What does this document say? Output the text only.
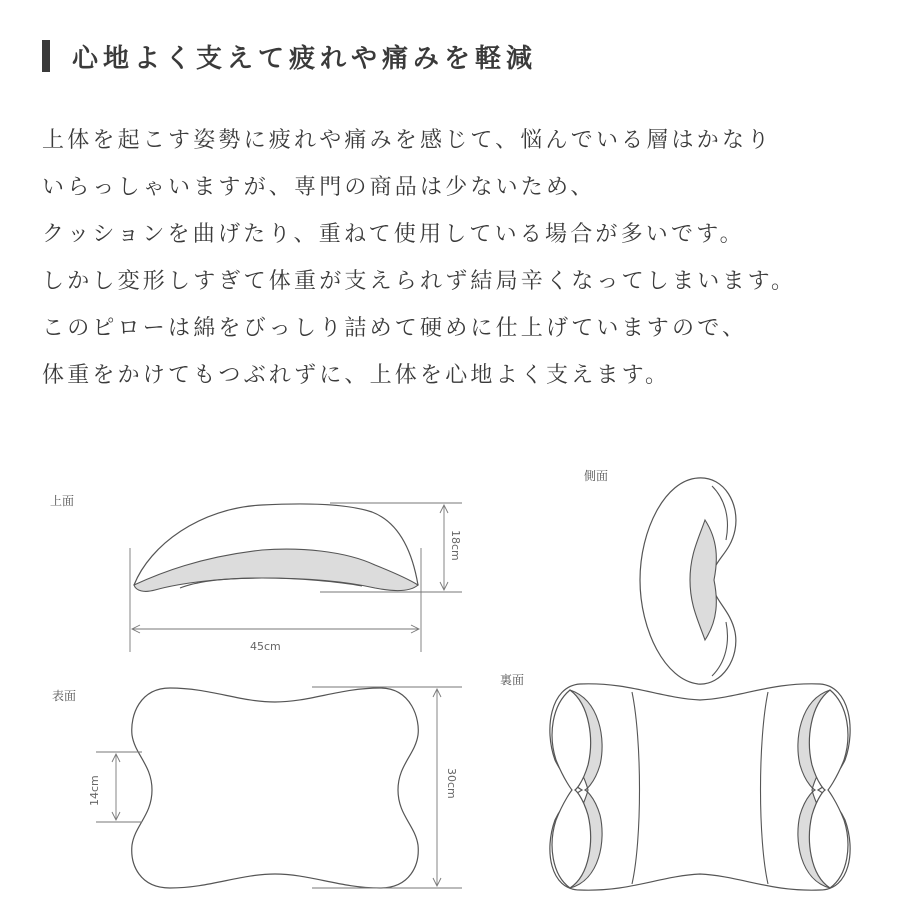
心地よく支えて疲れや痛みを軽減
上体を起こす姿勢に疲れや痛みを感じて、悩んでいる層はかなり
いらっしゃいますが、専門の商品は少ないため、
クッションを曲げたり、重ねて使用している場合が多いです。
しかし変形しすぎて体重が支えられず結局辛くなってしまいます。
このピローは綿をびっしり詰めて硬めに仕上げていますので、
体重をかけてもつぶれずに、上体を心地よく支えます。
上面
45cm
18cm
表面
30cm
14cm
側面
裏面
